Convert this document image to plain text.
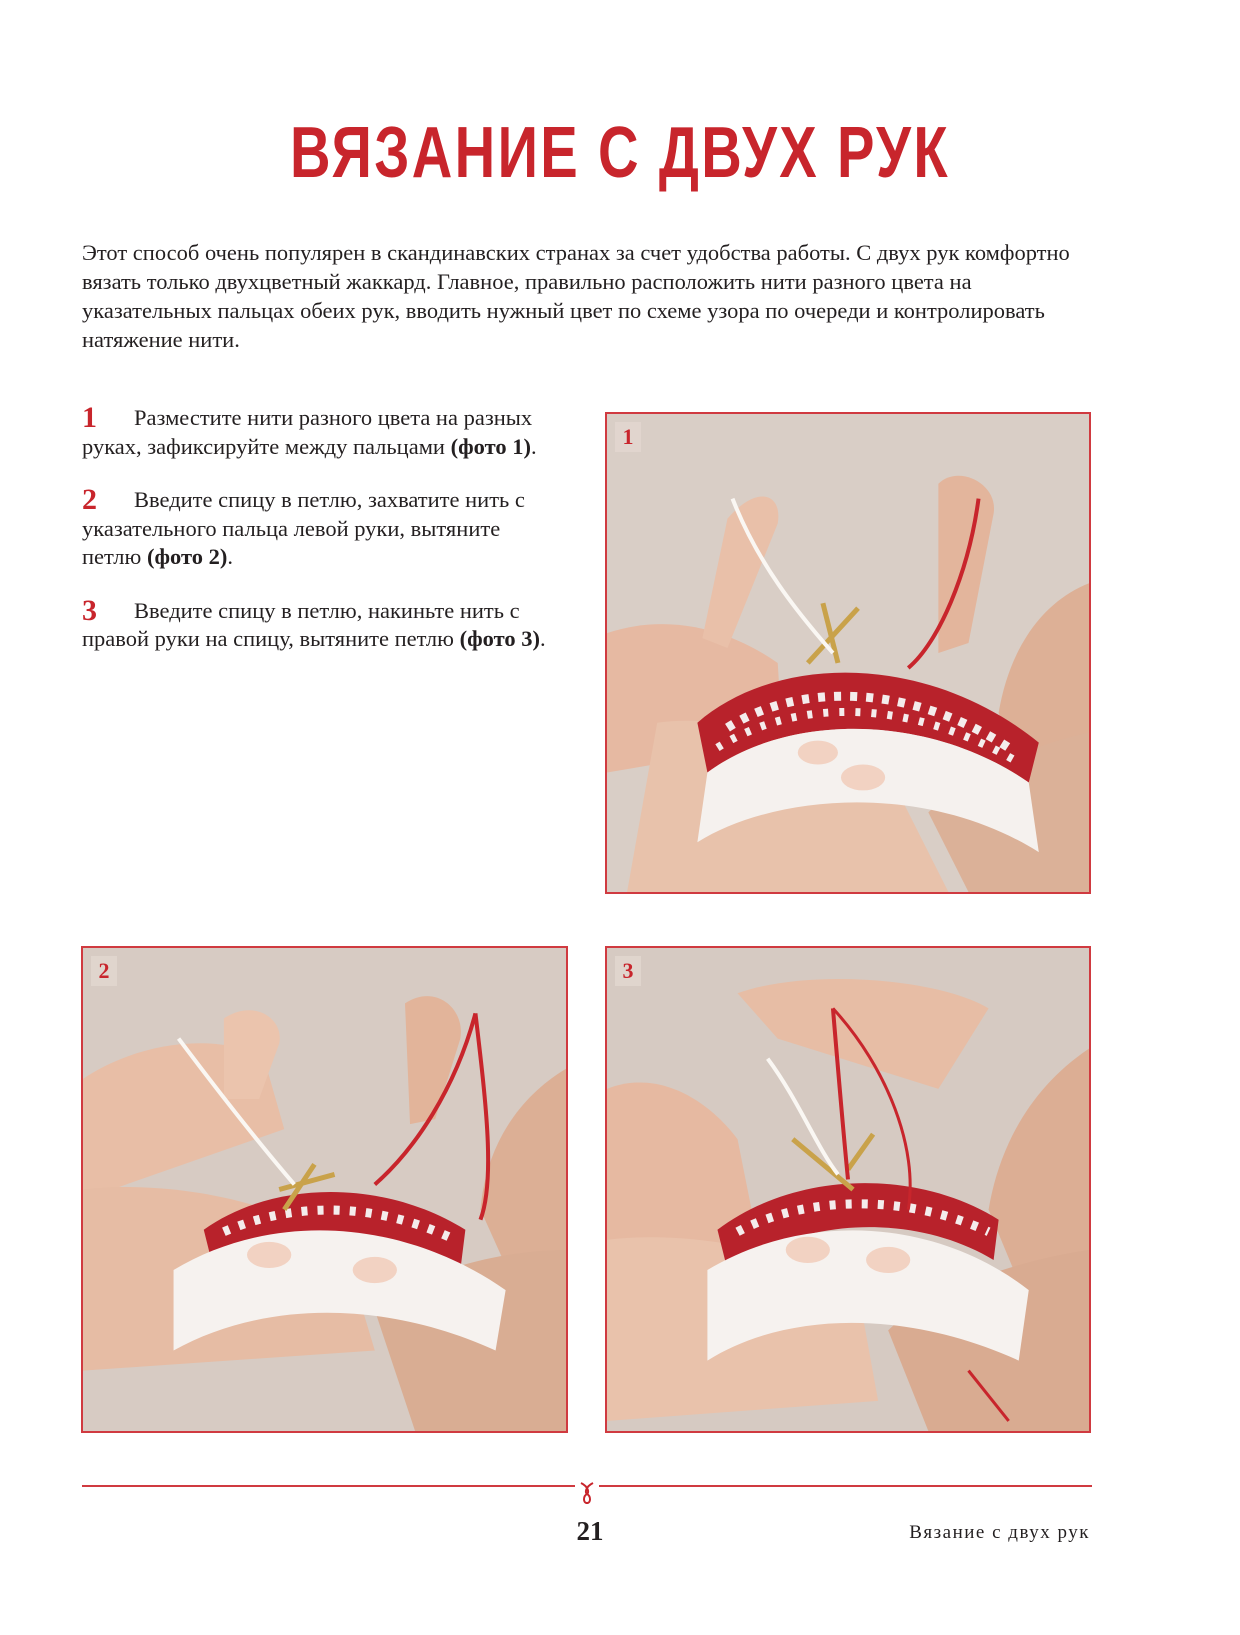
ВЯЗАНИЕ С ДВУХ РУК

Этот способ очень популярен в скандинавских странах за счет удобства работы. С двух рук комфортно вязать только двухцветный жаккард. Главное, правильно расположить нити разного цвета на указательных пальцах обеих рук, вводить нужный цвет по схеме узора по очереди и контролировать натяжение нити.

1 Разместите нити разного цвета на разных руках, зафиксируйте между пальцами (фото 1).

2 Введите спицу в петлю, захватите нить с указательного пальца левой руки, вытяните петлю (фото 2).

3 Введите спицу в петлю, накиньте нить с правой руки на спицу, вытяните петлю (фото 3).

1
2	3
21	Вязание с двух рук
